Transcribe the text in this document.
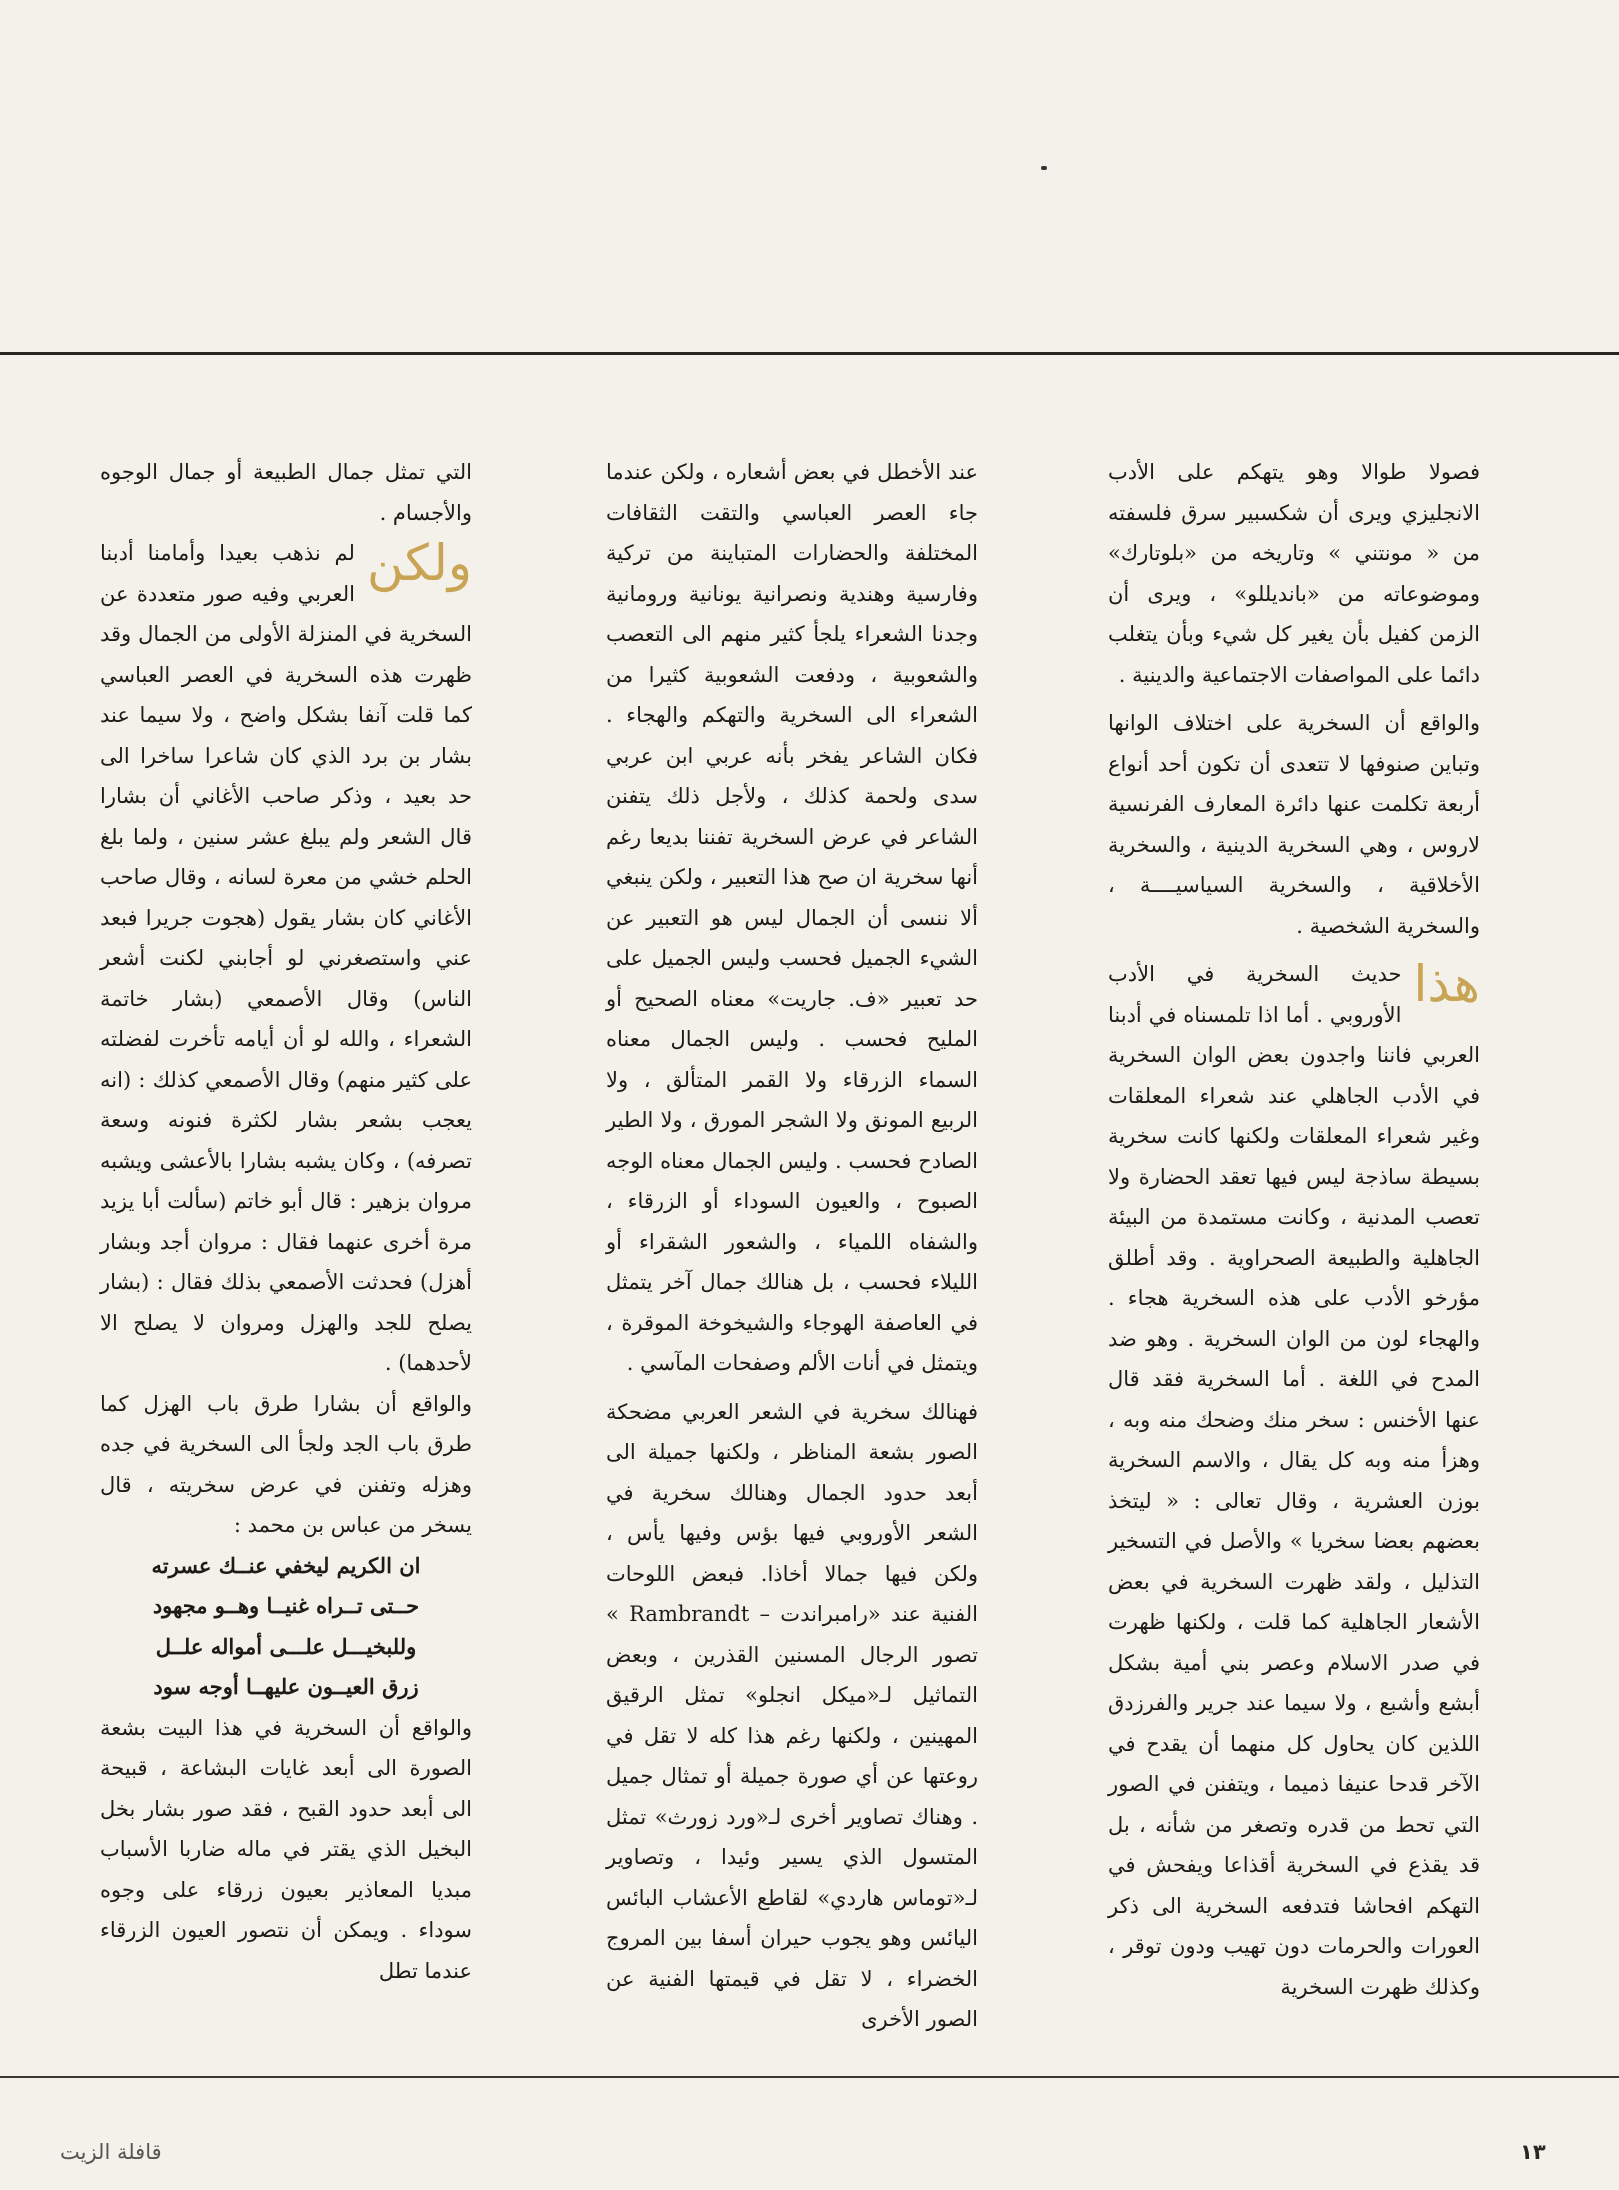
فصولا طوالا وهو يتهكم على الأدب الانجليزي ويرى أن شكسبير سرق فلسفته من « مونتني » وتاريخه من «بلوتارك» وموضوعاته من «باندیللو» ، ويرى أن الزمن كفيل بأن يغير كل شيء وبأن يتغلب دائما على المواصفات الاجتماعية والدينية .

والواقع أن السخرية على اختلاف الوانها وتباين صنوفها لا تتعدى أن تكون أحد أنواع أربعة تكلمت عنها دائرة المعارف الفرنسية لاروس ، وهي السخرية الدينية ، والسخرية الأخلاقية ، والسخرية السياسيــــة ، والسخرية الشخصية .

هذا
حديث السخرية في الأدب الأوروبي . أما اذا تلمسناه في أدبنا العربي فاننا واجدون بعض الوان السخرية في الأدب الجاهلي عند شعراء المعلقات وغير شعراء المعلقات ولكنها كانت سخرية بسيطة ساذجة ليس فيها تعقد الحضارة ولا تعصب المدنية ، وكانت مستمدة من البيئة الجاهلية والطبيعة الصحراوية . وقد أطلق مؤرخو الأدب على هذه السخرية هجاء . والهجاء لون من الوان السخرية . وهو ضد المدح في اللغة . أما السخرية فقد قال عنها الأخنس : سخر منك وضحك منه وبه ، وهزأ منه وبه كل يقال ، والاسم السخرية بوزن العشرية ، وقال تعالى : « ليتخذ بعضهم بعضا سخريا » والأصل في التسخير التذليل ، ولقد ظهرت السخرية في بعض الأشعار الجاهلية كما قلت ، ولكنها ظهرت في صدر الاسلام وعصر بني أمية بشكل أبشع وأشبع ، ولا سيما عند جرير والفرزدق اللذين كان يحاول كل منهما أن يقدح في الآخر قدحا عنيفا ذميما ، ويتفنن في الصور التي تحط من قدره وتصغر من شأنه ، بل قد يقذع في السخرية أقذاعا ويفحش في التهكم افحاشا فتدفعه السخرية الى ذكر العورات والحرمات دون تهيب ودون توقر ، وكذلك ظهرت السخرية

عند الأخطل في بعض أشعاره ، ولكن عندما جاء العصر العباسي والتقت الثقافات المختلفة والحضارات المتباينة من تركية وفارسية وهندية ونصرانية يونانية ورومانية وجدنا الشعراء يلجأ كثير منهم الى التعصب والشعوبية ، ودفعت الشعوبية كثيرا من الشعراء الى السخرية والتهكم والهجاء . فكان الشاعر يفخر بأنه عربي ابن عربي سدى ولحمة كذلك ، ولأجل ذلك يتفنن الشاعر في عرض السخرية تفننا بديعا رغم أنها سخرية ان صح هذا التعبير ، ولكن ينبغي ألا ننسى أن الجمال ليس هو التعبير عن الشيء الجميل فحسب وليس الجميل على حد تعبير «ف. جاريت» معناه الصحيح أو المليح فحسب . وليس الجمال معناه السماء الزرقاء ولا القمر المتألق ، ولا الربيع المونق ولا الشجر المورق ، ولا الطير الصادح فحسب . وليس الجمال معناه الوجه الصبوح ، والعيون السوداء أو الزرقاء ، والشفاه اللمياء ، والشعور الشقراء أو الليلاء فحسب ، بل هنالك جمال آخر يتمثل في العاصفة الهوجاء والشيخوخة الموقرة ، ويتمثل في أنات الألم وصفحات المآسي .

فهنالك سخرية في الشعر العربي مضحكة الصور بشعة المناظر ، ولكنها جميلة الى أبعد حدود الجمال وهنالك سخرية في الشعر الأوروبي فيها بؤس وفيها يأس ، ولكن فيها جمالا أخاذا. فبعض اللوحات الفنية عند «رامبراندت – Rambrandt » تصور الرجال المسنين القذرين ، وبعض التماثيل لـ«ميكل انجلو» تمثل الرقيق المهينين ، ولكنها رغم هذا كله لا تقل في روعتها عن أي صورة جميلة أو تمثال جميل . وهناك تصاوير أخرى لـ«ورد زورث» تمثل المتسول الذي يسير وئيدا ، وتصاوير لـ«توماس هاردي» لقاطع الأعشاب البائس اليائس وهو يجوب حيران أسفا بين المروج الخضراء ، لا تقل في قيمتها الفنية عن الصور الأخرى

التي تمثل جمال الطبيعة أو جمال الوجوه والأجسام .

ولكن
لم نذهب بعيدا وأمامنا أدبنا العربي وفيه صور متعددة عن السخرية في المنزلة الأولى من الجمال وقد ظهرت هذه السخرية في العصر العباسي كما قلت آنفا بشكل واضح ، ولا سيما عند بشار بن برد الذي كان شاعرا ساخرا الى حد بعيد ، وذكر صاحب الأغاني أن بشارا قال الشعر ولم يبلغ عشر سنين ، ولما بلغ الحلم خشي من معرة لسانه ، وقال صاحب الأغاني كان بشار يقول (هجوت جريرا فبعد عني واستصغرني لو أجابني لكنت أشعر الناس) وقال الأصمعي (بشار خاتمة الشعراء ، والله لو أن أيامه تأخرت لفضلته على كثير منهم) وقال الأصمعي كذلك : (انه يعجب بشعر بشار لكثرة فنونه وسعة تصرفه) ، وكان يشبه بشارا بالأعشى ويشبه مروان بزهير : قال أبو خاتم (سألت أبا يزيد مرة أخرى عنهما فقال : مروان أجد وبشار أهزل) فحدثت الأصمعي بذلك فقال : (بشار يصلح للجد والهزل ومروان لا يصلح الا لأحدهما) .

والواقع أن بشارا طرق باب الهزل كما طرق باب الجد ولجأ الى السخرية في جده وهزله وتفنن في عرض سخريته ، قال يسخر من عباس بن محمد :

ان الكريم ليخفي عنــك عسرته

حــتى تــراه غنيــا وهــو مجهود

وللبخيـــل علـــى أمواله علــل

زرق العيــون عليهــا أوجه سود

والواقع أن السخرية في هذا البيت بشعة الصورة الى أبعد غايات البشاعة ، قبيحة الى أبعد حدود القبح ، فقد صور بشار بخل البخيل الذي يقتر في ماله ضاربا الأسباب مبديا المعاذير بعيون زرقاء على وجوه سوداء . ويمكن أن نتصور العيون الزرقاء عندما تطل

١٣
قافلة الزيت
